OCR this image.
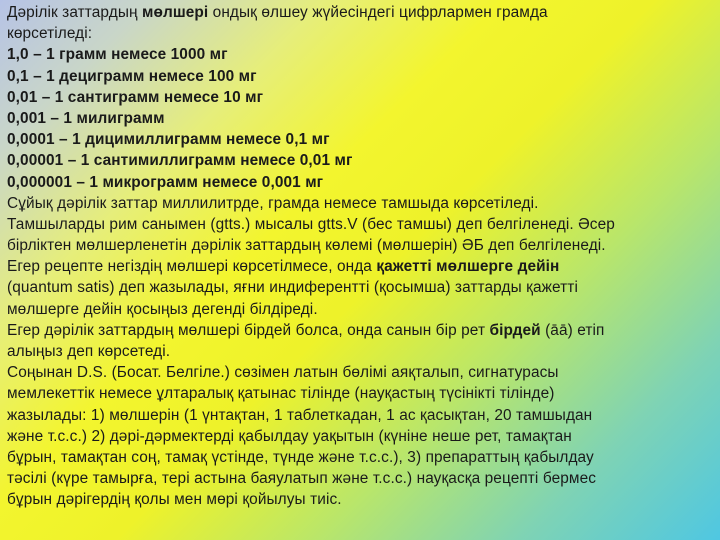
Дәрілік заттардың мөлшері ондық өлшеу жүйесіндегі цифрлармен грамда
көрсетіледі:
1,0 – 1 грамм немесе 1000 мг
0,1 – 1 дециграмм немесе 100 мг
0,01 – 1 сантиграмм немесе 10 мг
0,001 – 1 милиграмм
0,0001 – 1 дицимиллиграмм немесе 0,1 мг
0,00001 – 1 сантимиллиграмм немесе 0,01 мг
0,000001 – 1 микрограмм немесе 0,001 мг
Сұйық дәрілік заттар миллилитрде, грамда немесе тамшыда көрсетіледі.
Тамшыларды рим санымен (gtts.) мысалы gtts.V (бес тамшы) деп белгіленеді. Әсер
бірліктен мөлшерленетін дәрілік заттардың көлемі (мөлшерін) ӘБ деп белгіленеді.
Егер рецепте негіздің мөлшері көрсетілмесе, онда қажетті мөлшерге дейін
(quantum satis) деп жазылады, яғни индиферентті (қосымша) заттарды қажетті
мөлшерге дейін қосыңыз дегенді білдіреді.
Егер дәрілік заттардың мөлшері бірдей болса, онда санын бір рет бірдей (āā) етіп
алыңыз деп көрсетеді.
Соңынан D.S. (Босат. Белгіле.) сөзімен латын бөлімі аяқталып, сигнатурасы
мемлекеттік немесе ұлтаралық қатынас тілінде (науқастың түсінікті тілінде)
жазылады: 1) мөлшерін (1 үнтақтан, 1 таблеткадан, 1 ас қасықтан, 20 тамшыдан
және т.с.с.) 2) дәрі-дәрмектердi қабылдау уақытын (күніне неше рет, тамақтан
бұрын, тамақтан соң, тамақ үстінде, түнде және т.с.с.), 3) препараттың қабылдау
тәсілі (күре тамырға, тері астына баяулатып және т.с.с.) науқасқа рецепті бермес
бұрын дәрігердің қолы мен мөрі қойылуы тиіс.
